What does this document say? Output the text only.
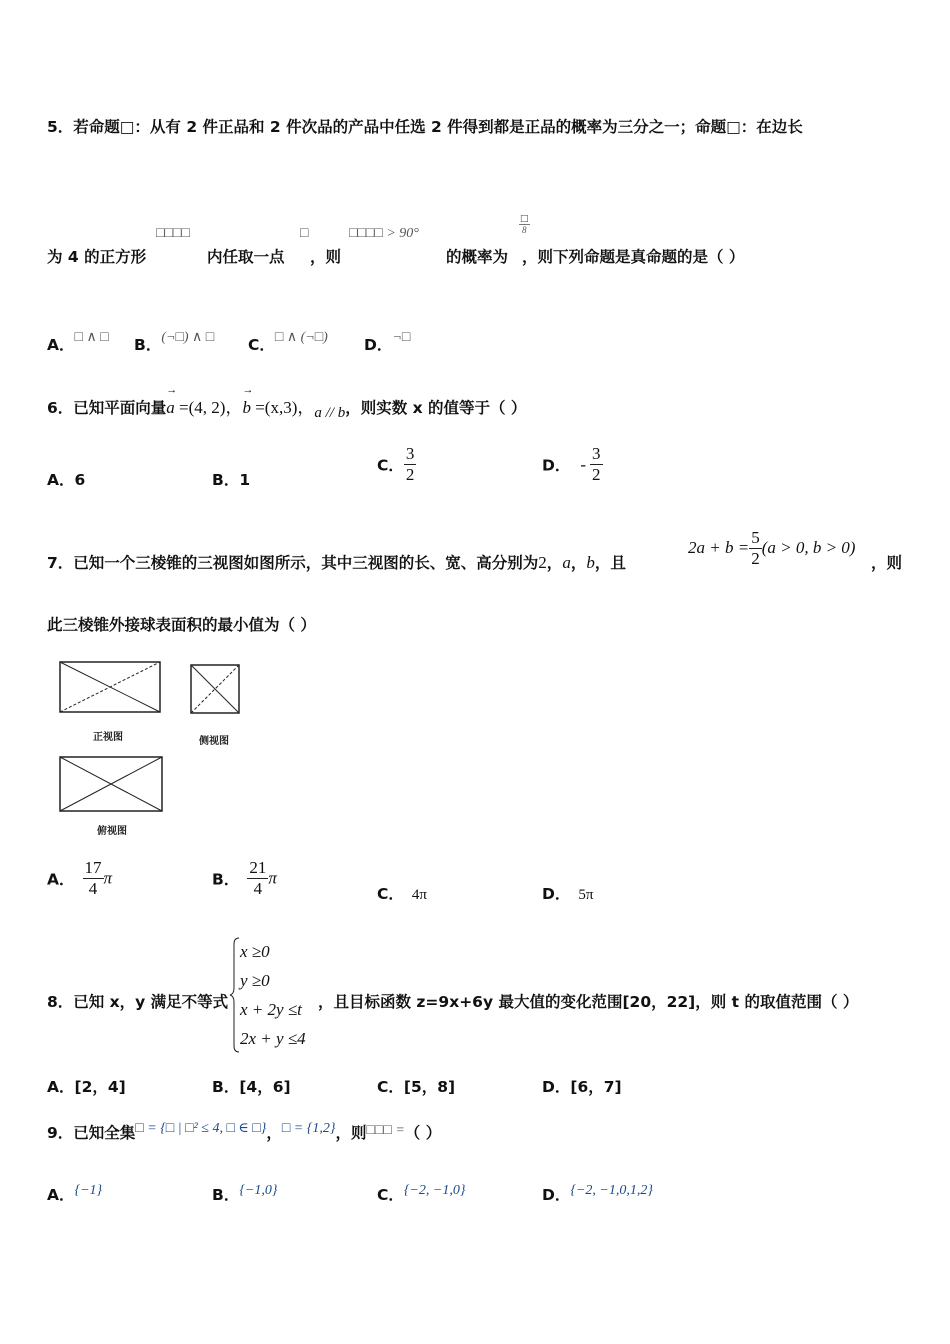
5．若命题□：从有 2 件正品和 2 件次品的产品中任选 2 件得到都是正品的概率为三分之一；命题□：在边长
□
8
为 4 的正方形
□□□□
内任取一点
□
，则
□□□□ > 90°
的概率为 ，则下列命题是真命题的是（ ）
A．□ ∧ □ B．(¬□) ∧ □ C．□ ∧ (¬□) D．¬□
6．已知平面向量
→
a =(4, 2)，
→
b =(x,3)，a // b，则实数 x 的值等于（ ）
A．6	B．1
C． $\frac{3}{2}$	D． - $\frac{3}{2}$
7．已知一个三棱锥的三视图如图所示，其中三视图的长、宽、高分别为2，a，b，且
$2a + b = \frac{5}{2} (a > 0$, b > 0)
，则
此三棱锥外接球表面积的最小值为（ ）
正视图	侧视图
俯视图
A． $\frac{17}{4}$ π	B． $\frac{21}{4}$ π
C． 4π	D． 5π
8．已知 x，y 满足不等式
x ≥0
y ≥0
x + 2y ≤t
2x + y ≤4
，且目标函数 z=9x+6y 最大值的变化范围[20，22]，则 t 的取值范围（ ）
A．[2，4]	B．[4，6]	C．[5，8]	D．[6，7]
9．已知全集□ = {□ | □² ≤ 4, □ ∈ □}，□ = {1,2}，则□□□ =（ ）
A．{−1}	B．{−1,0}	C．{−2, −1,0}	D．{−2, −1,0,1,2}
